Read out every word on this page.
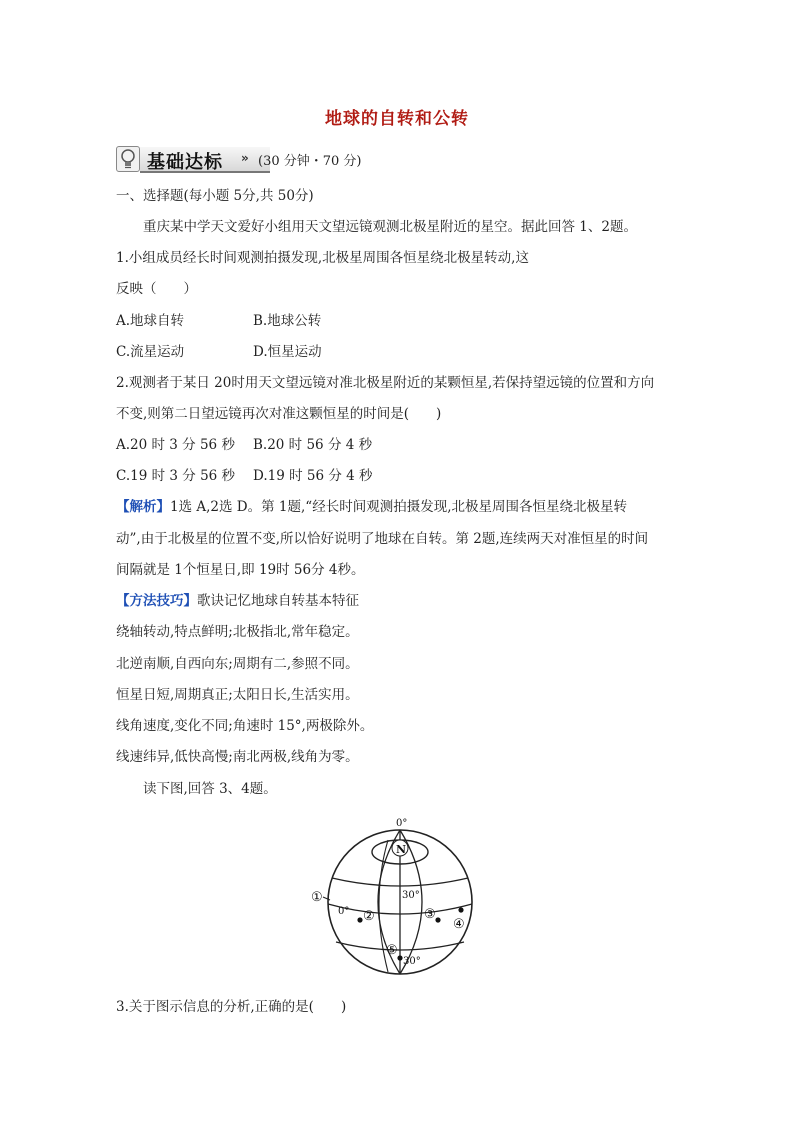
地球的自转和公转
基础达标 » (30 分钟・70 分)
一、选择题(每小题 5分,共 50分)
重庆某中学天文爱好小组用天文望远镜观测北极星附近的星空。据此回答 1、2题。
1.小组成员经长时间观测拍摄发现,北极星周围各恒星绕北极星转动,这
反映（　　）
A.地球自转	B.地球公转
C.流星运动	D.恒星运动
2.观测者于某日 20时用天文望远镜对准北极星附近的某颗恒星,若保持望远镜的位置和方向
不变,则第二日望远镜再次对准这颗恒星的时间是(　　)
A.20 时 3 分 56 秒 B.20 时 56 分 4 秒
C.19 时 3 分 56 秒 D.19 时 56 分 4 秒
【解析】1选 A,2选 D。第 1题,“经长时间观测拍摄发现,北极星周围各恒星绕北极星转
动”,由于北极星的位置不变,所以恰好说明了地球在自转。第 2题,连续两天对准恒星的时间
间隔就是 1个恒星日,即 19时 56分 4秒。
【方法技巧】歌诀记忆地球自转基本特征
绕轴转动,特点鲜明;北极指北,常年稳定。
北逆南顺,自西向东;周期有二,参照不同。
恒星日短,周期真正;太阳日长,生活实用。
线角速度,变化不同;角速时 15°,两极除外。
线速纬异,低快高慢;南北两极,线角为零。
读下图,回答 3、4题。
N
0°
30°
0°
30°
①
②	③
④
⑤
3.关于图示信息的分析,正确的是(　　)
